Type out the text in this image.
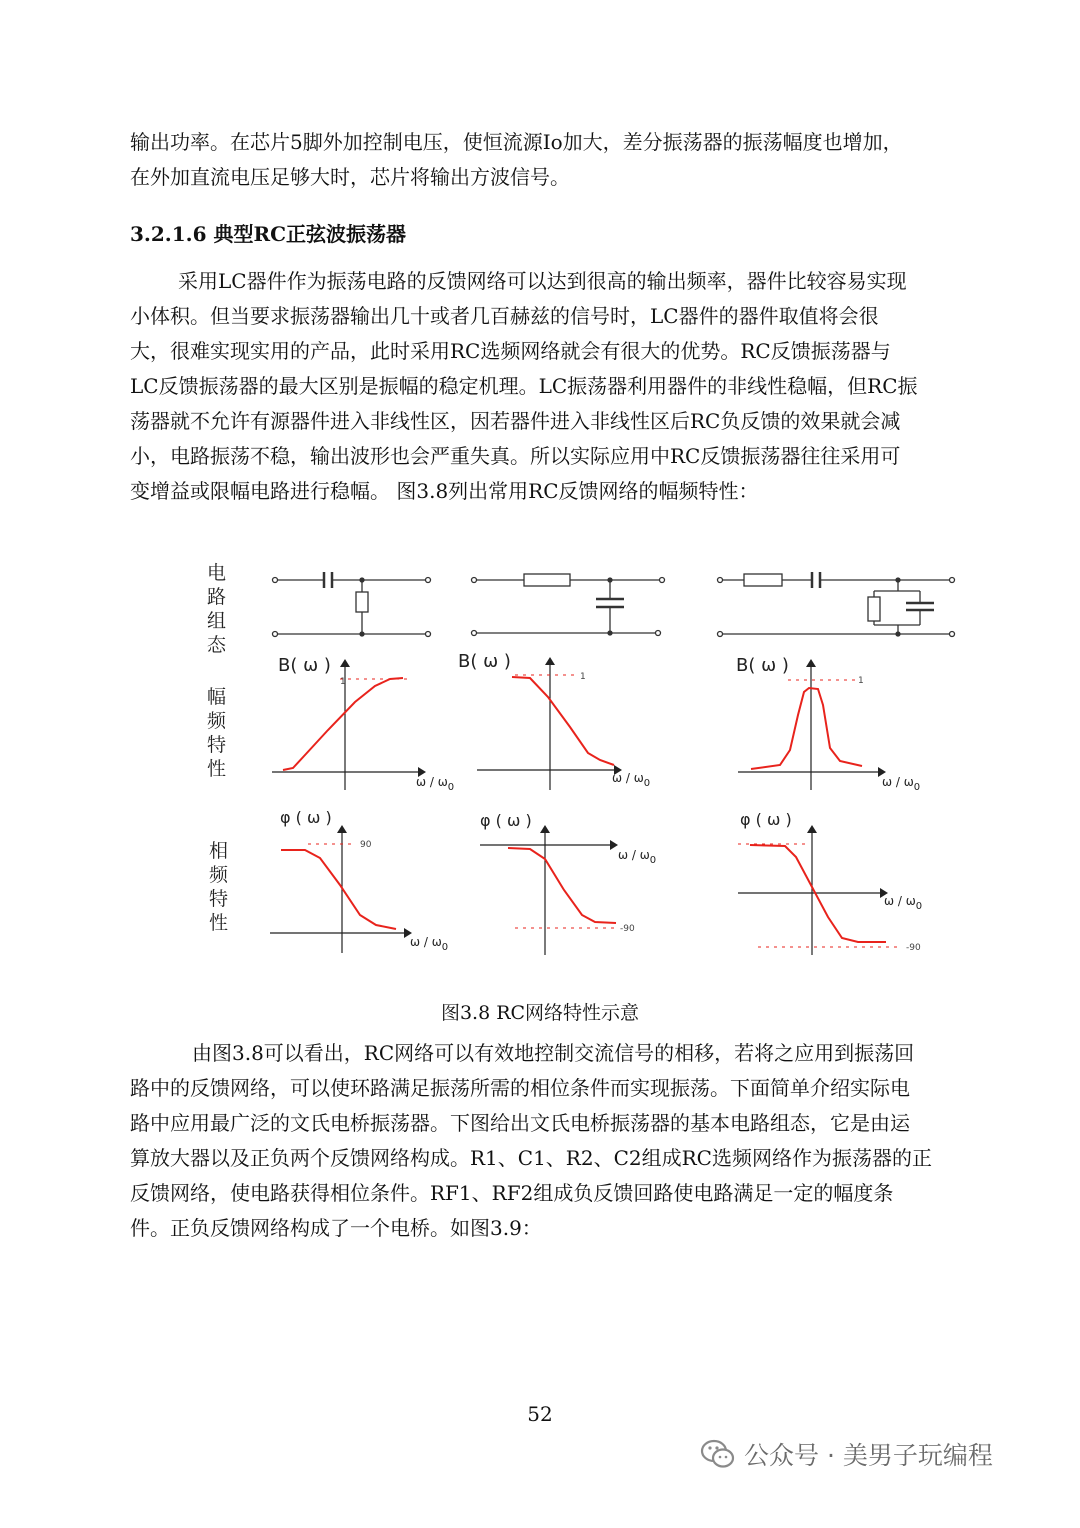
输出功率。在芯片5脚外加控制电压，使恒流源Io加大，差分振荡器的振荡幅度也增加，
在外加直流电压足够大时，芯片将输出方波信号。
3.2.1.6 典型RC正弦波振荡器
采用LC器件作为振荡电路的反馈网络可以达到很高的输出频率，器件比较容易实现
小体积。但当要求振荡器输出几十或者几百赫兹的信号时，LC器件的器件取值将会很
大，很难实现实用的产品，此时采用RC选频网络就会有很大的优势。RC反馈振荡器与
LC反馈振荡器的最大区别是振幅的稳定机理。LC振荡器利用器件的非线性稳幅，但RC振
荡器就不允许有源器件进入非线性区，因若器件进入非线性区后RC负反馈的效果就会减
小，电路振荡不稳，输出波形也会严重失真。所以实际应用中RC反馈振荡器往往采用可
变增益或限幅电路进行稳幅。 图3.8列出常用RC反馈网络的幅频特性：
电
路
组
态
幅
频
特
性
相
频
特
性
1
B( ω )
ω / $\omega_0$
1
B( ω )
ω / $\omega_0$
1
B( ω )
ω / $\omega_0$
90
φ ( ω )
ω / $\omega_0$
-90
φ ( ω )
ω / $\omega_0$
-90
φ ( ω )
ω / $\omega_0$
图3.8 RC网络特性示意
由图3.8可以看出，RC网络可以有效地控制交流信号的相移，若将之应用到振荡回
路中的反馈网络，可以使环路满足振荡所需的相位条件而实现振荡。下面简单介绍实际电
路中应用最广泛的文氏电桥振荡器。下图给出文氏电桥振荡器的基本电路组态，它是由运
算放大器以及正负两个反馈网络构成。R1、C1、R2、C2组成RC选频网络作为振荡器的正
反馈网络，使电路获得相位条件。RF1、RF2组成负反馈回路使电路满足一定的幅度条
件。正负反馈网络构成了一个电桥。如图3.9：
52
公众号 · 美男子玩编程
